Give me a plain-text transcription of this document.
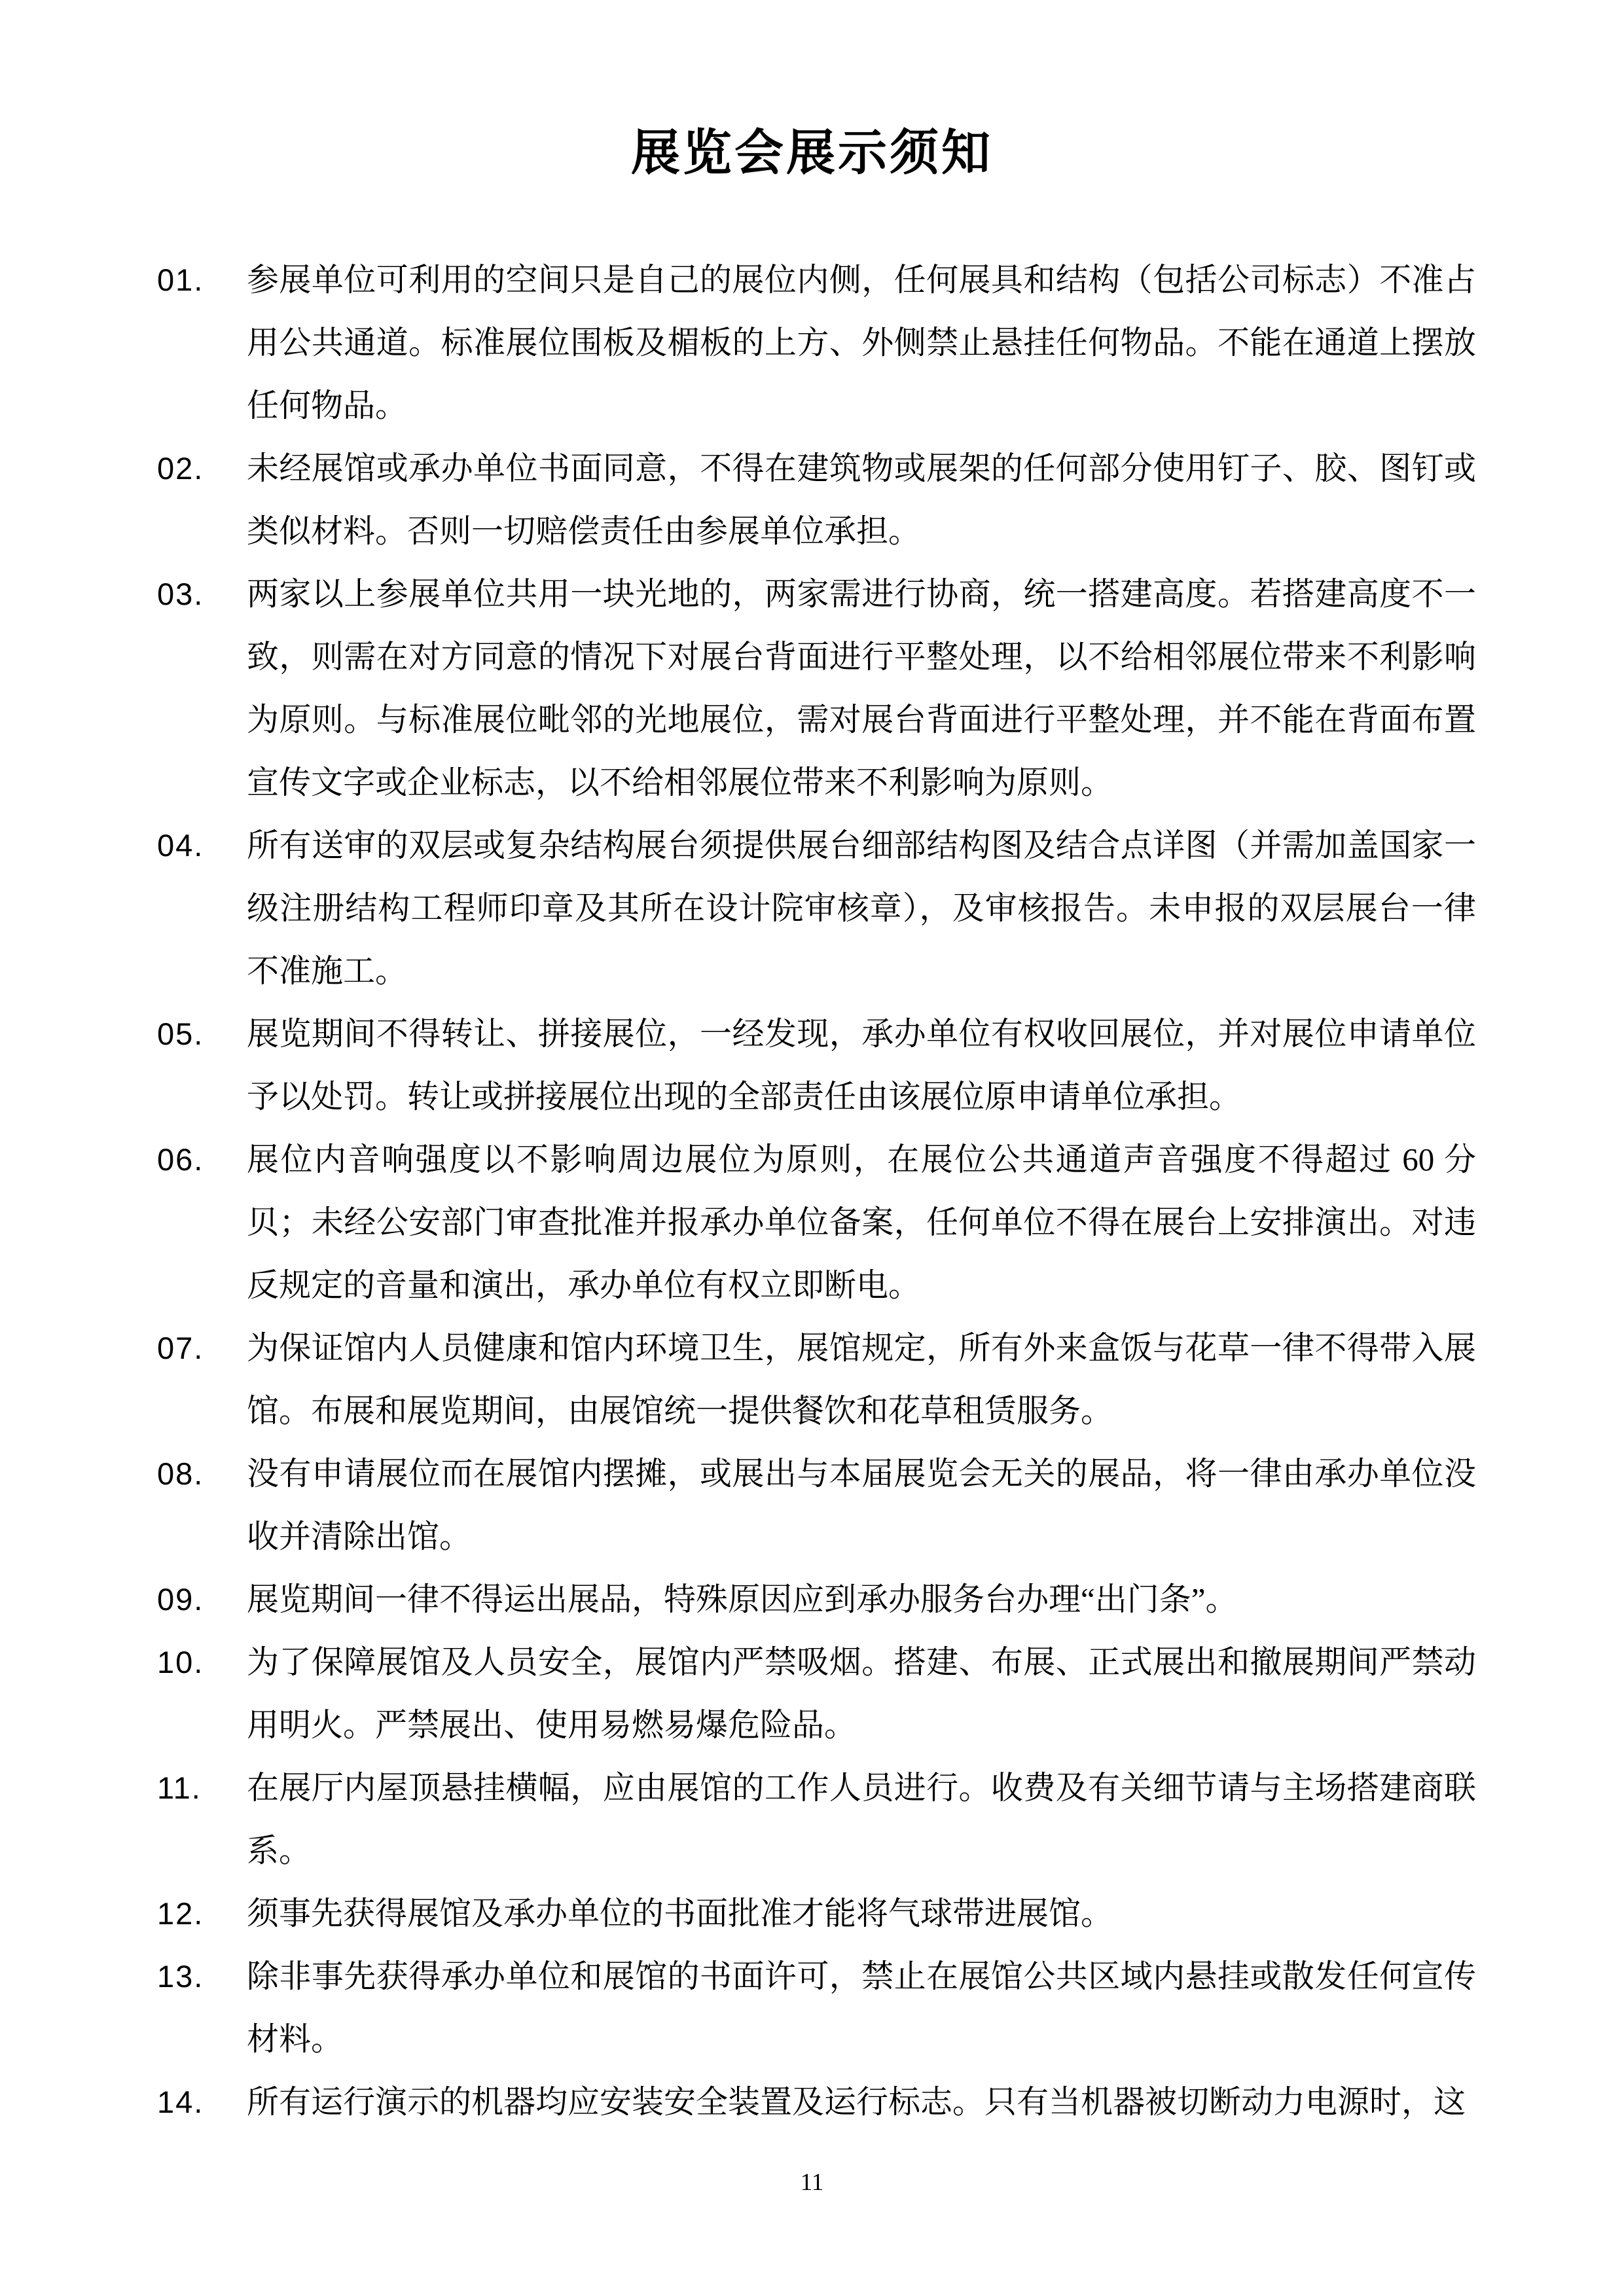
展览会展示须知
01.	参展单位可利用的空间只是自己的展位内侧，任何展具和结构（包括公司标志）不准占用公共通道。标准展位围板及楣板的上方、外侧禁止悬挂任何物品。不能在通道上摆放任何物品。
02.	未经展馆或承办单位书面同意，不得在建筑物或展架的任何部分使用钉子、胶、图钉或类似材料。否则一切赔偿责任由参展单位承担。
03.	两家以上参展单位共用一块光地的，两家需进行协商，统一搭建高度。若搭建高度不一致，则需在对方同意的情况下对展台背面进行平整处理，以不给相邻展位带来不利影响为原则。与标准展位毗邻的光地展位，需对展台背面进行平整处理，并不能在背面布置宣传文字或企业标志，以不给相邻展位带来不利影响为原则。
04.	所有送审的双层或复杂结构展台须提供展台细部结构图及结合点详图（并需加盖国家一级注册结构工程师印章及其所在设计院审核章），及审核报告。未申报的双层展台一律不准施工。
05.	展览期间不得转让、拼接展位，一经发现，承办单位有权收回展位，并对展位申请单位予以处罚。转让或拼接展位出现的全部责任由该展位原申请单位承担。
06.	展位内音响强度以不影响周边展位为原则，在展位公共通道声音强度不得超过 60 分贝；未经公安部门审查批准并报承办单位备案，任何单位不得在展台上安排演出。对违反规定的音量和演出，承办单位有权立即断电。
07.	为保证馆内人员健康和馆内环境卫生，展馆规定，所有外来盒饭与花草一律不得带入展馆。布展和展览期间，由展馆统一提供餐饮和花草租赁服务。
08.	没有申请展位而在展馆内摆摊，或展出与本届展览会无关的展品，将一律由承办单位没收并清除出馆。
09.	展览期间一律不得运出展品，特殊原因应到承办服务台办理“出门条”。
10.	为了保障展馆及人员安全，展馆内严禁吸烟。搭建、布展、正式展出和撤展期间严禁动用明火。严禁展出、使用易燃易爆危险品。
11.	在展厅内屋顶悬挂横幅，应由展馆的工作人员进行。收费及有关细节请与主场搭建商联系。
12.	须事先获得展馆及承办单位的书面批准才能将气球带进展馆。
13.	除非事先获得承办单位和展馆的书面许可，禁止在展馆公共区域内悬挂或散发任何宣传材料。
14.	所有运行演示的机器均应安装安全装置及运行标志。只有当机器被切断动力电源时，这
11
